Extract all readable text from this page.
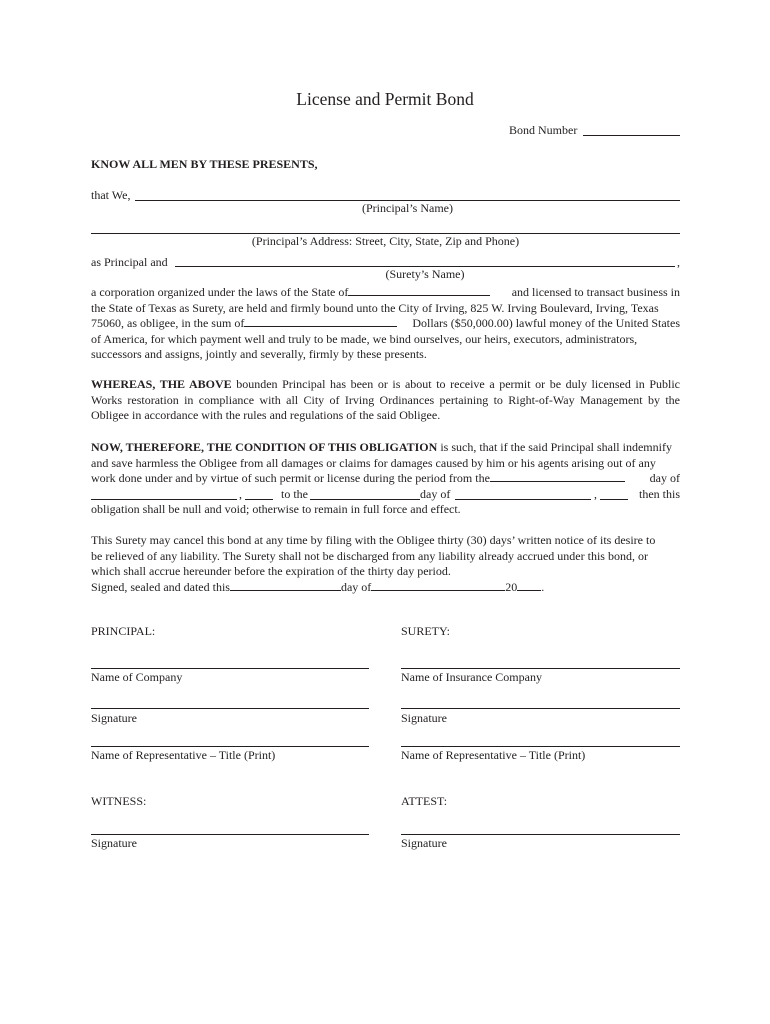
License and Permit Bond
Bond Number
KNOW ALL MEN BY THESE PRESENTS,
that We,
(Principal’s Name)
(Principal’s Address: Street, City, State, Zip and Phone)
as Principal and	,
(Surety’s Name)
a corporation organized under the laws of the State of	and licensed to transact business in
the State of Texas as Surety, are held and firmly bound unto the City of Irving, 825 W. Irving Boulevard, Irving, Texas
75060, as obligee, in the sum of	Dollars ($50,000.00) lawful money of the United States
of America, for which payment well and truly to be made, we bind ourselves, our heirs, executors, administrators,
successors and assigns, jointly and severally, firmly by these presents.
WHEREAS, THE ABOVE bounden Principal has been or is about to receive a permit or be duly licensed in Public Works restoration in compliance with all City of Irving Ordinances pertaining to Right-of-Way Management by the Obligee in accordance with the rules and regulations of the said Obligee.
NOW, THEREFORE, THE CONDITION OF THIS OBLIGATION is such, that if the said Principal shall indemnify
and save harmless the Obligee from all damages or claims for damages caused by him or his agents arising out of any
work done under and by virtue of such permit or license during the period from the	day of
,	to the	day of	,	then this
obligation shall be null and void; otherwise to remain in full force and effect.
This Surety may cancel this bond at any time by filing with the Obligee thirty (30) days’ written notice of its desire to
be relieved of any liability. The Surety shall not be discharged from any liability already accrued under this bond, or
which shall accrue hereunder before the expiration of the thirty day period.
Signed, sealed and dated this	day of	20 .
PRINCIPAL:	SURETY:
Name of Company	Name of Insurance Company
Signature	Signature
Name of Representative – Title (Print)	Name of Representative – Title (Print)
WITNESS:	ATTEST:
Signature	Signature
